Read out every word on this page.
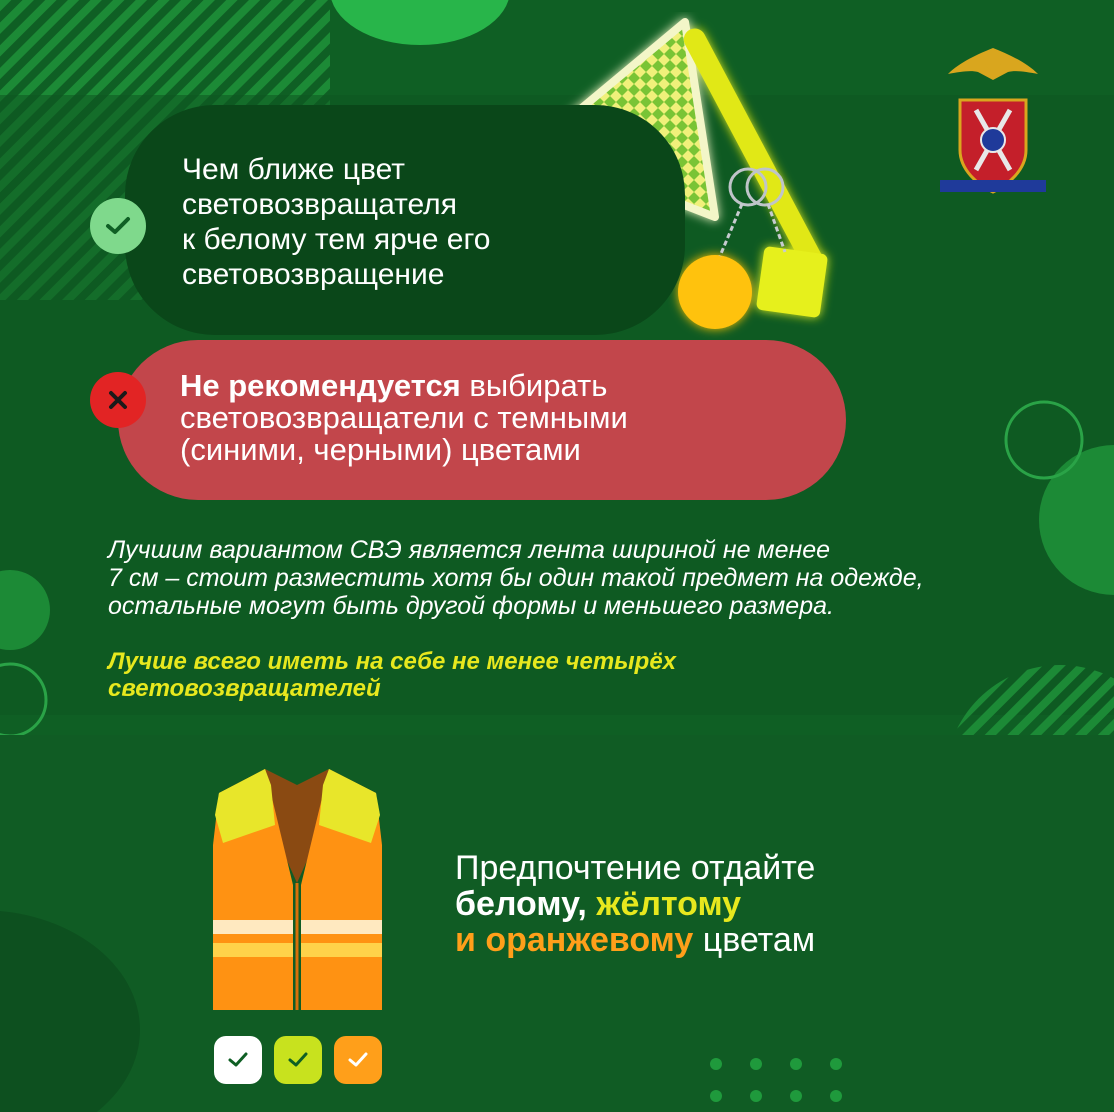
Чем ближе цвет
световозвращателя
к белому тем ярче его
световозвращение
Не рекомендуется выбирать
световозвращатели с темными
(синими, черными) цветами
Лучшим вариантом СВЭ является лента шириной не менее
7 см – стоит разместить хотя бы один такой предмет на одежде,
остальные могут быть другой формы и меньшего размера.
Лучше всего иметь на себе не менее четырёх
световозвращателей
Предпочтение отдайте
белому, жёлтому
и оранжевому цветам
